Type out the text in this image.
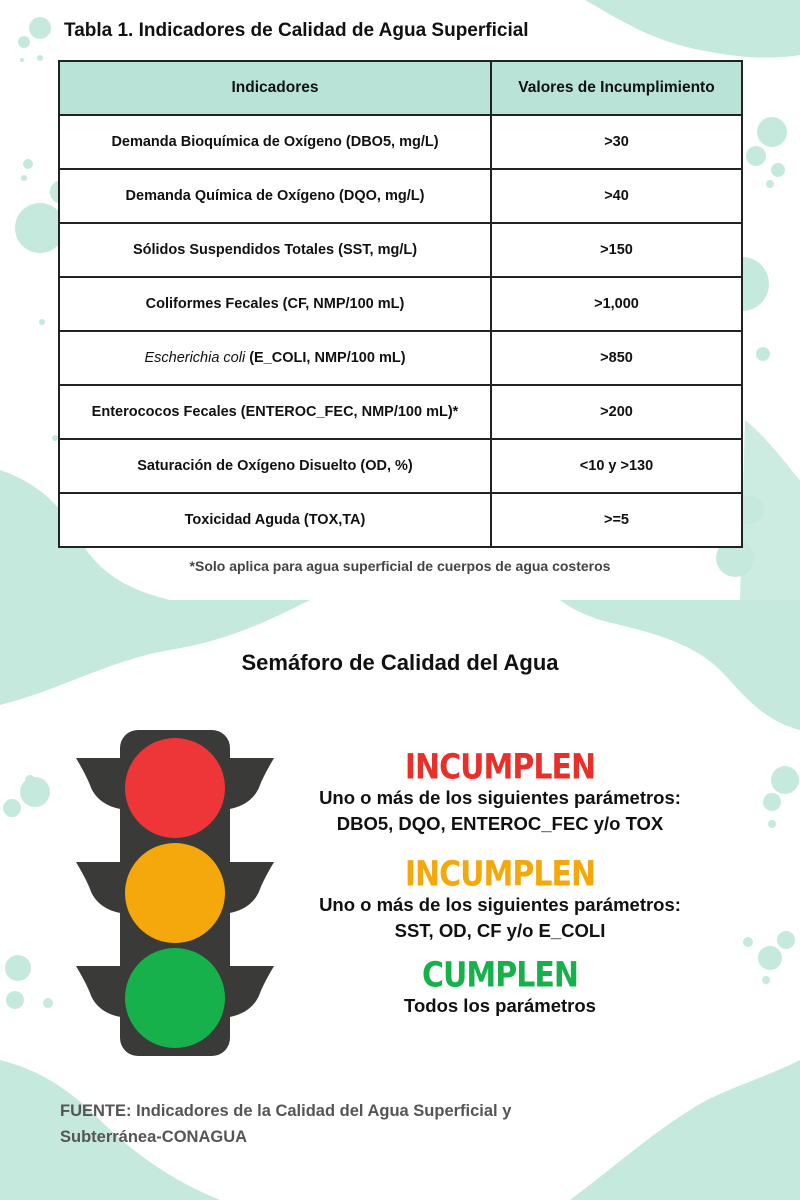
Tabla 1. Indicadores de Calidad de Agua Superficial
Indicadores	Valores de Incumplimiento
Demanda Bioquímica de Oxígeno (DBO5, mg/L)	>30
Demanda Química de Oxígeno (DQO, mg/L)	>40
Sólidos Suspendidos Totales (SST, mg/L)	>150
Coliformes Fecales (CF, NMP/100 mL)	>1,000
Escherichia coli (E_COLI, NMP/100 mL)	>850
Enterococos Fecales (ENTEROC_FEC, NMP/100 mL)*	>200
Saturación de Oxígeno Disuelto (OD, %)	<10 y >130
Toxicidad Aguda (TOX,TA)	>=5
*Solo aplica para agua superficial de cuerpos de agua costeros
Semáforo de Calidad del Agua
INCUMPLEN
Uno o más de los siguientes parámetros:
DBO5, DQO, ENTEROC_FEC y/o TOX
INCUMPLEN
Uno o más de los siguientes parámetros:
SST, OD, CF y/o E_COLI
CUMPLEN
Todos los parámetros
FUENTE: Indicadores de la Calidad del Agua Superficial y
Subterránea-CONAGUA
